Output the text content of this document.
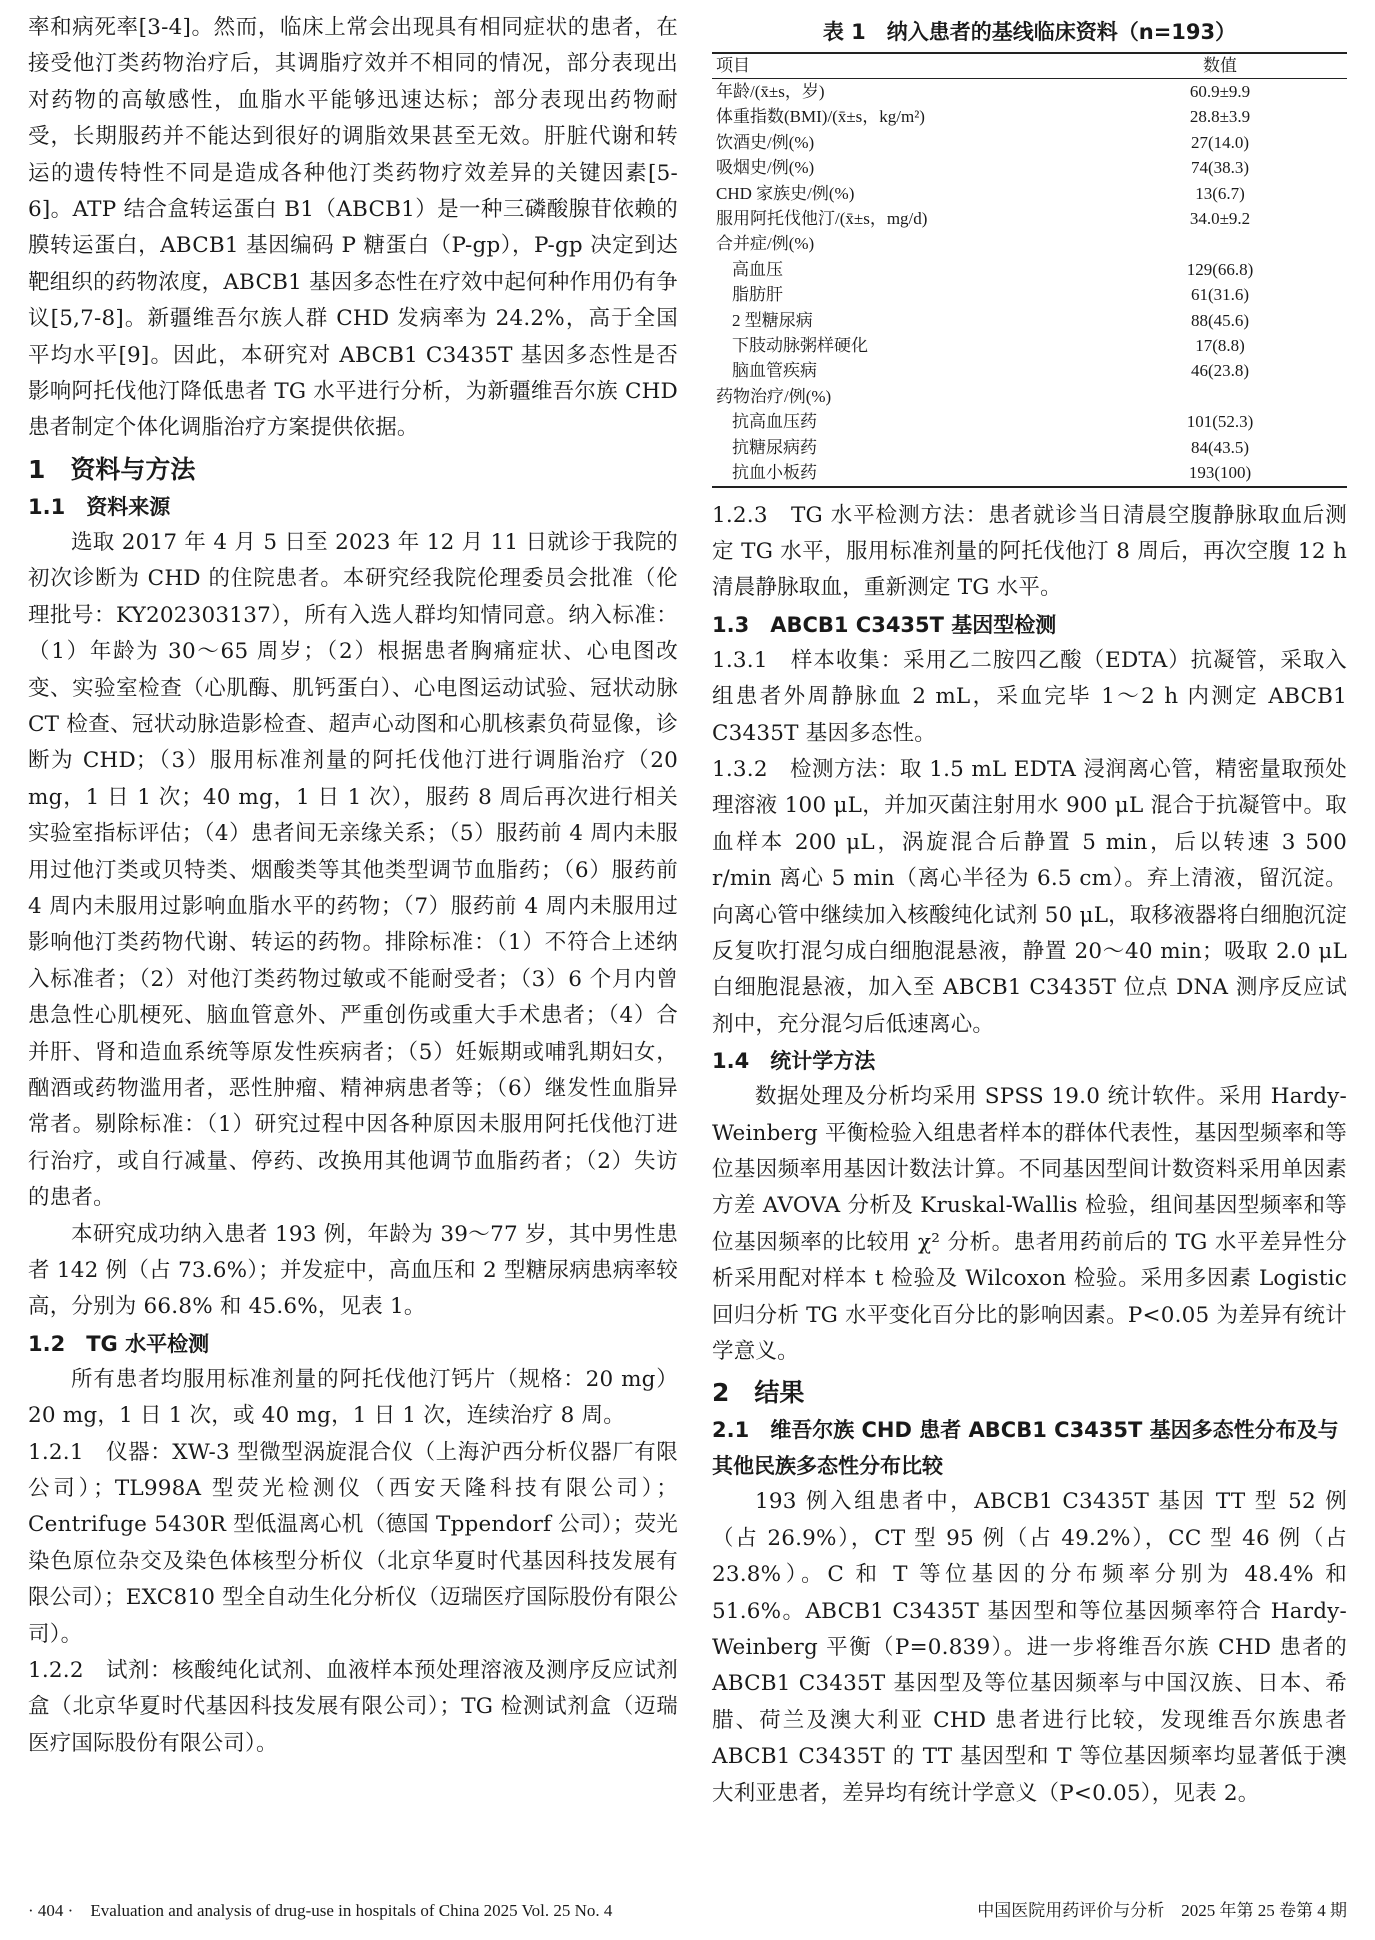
率和病死率[3-4]。然而，临床上常会出现具有相同症状的患者，在接受他汀类药物治疗后，其调脂疗效并不相同的情况，部分表现出对药物的高敏感性，血脂水平能够迅速达标；部分表现出药物耐受，长期服药并不能达到很好的调脂效果甚至无效。肝脏代谢和转运的遗传特性不同是造成各种他汀类药物疗效差异的关键因素[5-6]。ATP 结合盒转运蛋白 B1（ABCB1）是一种三磷酸腺苷依赖的膜转运蛋白，ABCB1 基因编码 P 糖蛋白（P-gp），P-gp 决定到达靶组织的药物浓度，ABCB1 基因多态性在疗效中起何种作用仍有争议[5,7-8]。新疆维吾尔族人群 CHD 发病率为 24.2%，高于全国平均水平[9]。因此，本研究对 ABCB1 C3435T 基因多态性是否影响阿托伐他汀降低患者 TG 水平进行分析，为新疆维吾尔族 CHD 患者制定个体化调脂治疗方案提供依据。

1　资料与方法
1.1　资料来源

选取 2017 年 4 月 5 日至 2023 年 12 月 11 日就诊于我院的初次诊断为 CHD 的住院患者。本研究经我院伦理委员会批准（伦理批号：KY202303137），所有入选人群均知情同意。纳入标准：（1）年龄为 30～65 周岁；（2）根据患者胸痛症状、心电图改变、实验室检查（心肌酶、肌钙蛋白）、心电图运动试验、冠状动脉 CT 检查、冠状动脉造影检查、超声心动图和心肌核素负荷显像，诊断为 CHD；（3）服用标准剂量的阿托伐他汀进行调脂治疗（20 mg，1 日 1 次；40 mg，1 日 1 次），服药 8 周后再次进行相关实验室指标评估；（4）患者间无亲缘关系；（5）服药前 4 周内未服用过他汀类或贝特类、烟酸类等其他类型调节血脂药；（6）服药前 4 周内未服用过影响血脂水平的药物；（7）服药前 4 周内未服用过影响他汀类药物代谢、转运的药物。排除标准：（1）不符合上述纳入标准者；（2）对他汀类药物过敏或不能耐受者；（3）6 个月内曾患急性心肌梗死、脑血管意外、严重创伤或重大手术患者；（4）合并肝、肾和造血系统等原发性疾病者；（5）妊娠期或哺乳期妇女，酗酒或药物滥用者，恶性肿瘤、精神病患者等；（6）继发性血脂异常者。剔除标准：（1）研究过程中因各种原因未服用阿托伐他汀进行治疗，或自行减量、停药、改换用其他调节血脂药者；（2）失访的患者。

本研究成功纳入患者 193 例，年龄为 39～77 岁，其中男性患者 142 例（占 73.6%）；并发症中，高血压和 2 型糖尿病患病率较高，分别为 66.8% 和 45.6%，见表 1。

1.2　TG 水平检测

所有患者均服用标准剂量的阿托伐他汀钙片（规格：20 mg）20 mg，1 日 1 次，或 40 mg，1 日 1 次，连续治疗 8 周。

1.2.1　仪器：XW-3 型微型涡旋混合仪（上海沪西分析仪器厂有限公司）；TL998A 型荧光检测仪（西安天隆科技有限公司）；Centrifuge 5430R 型低温离心机（德国 Tppendorf 公司）；荧光染色原位杂交及染色体核型分析仪（北京华夏时代基因科技发展有限公司）；EXC810 型全自动生化分析仪（迈瑞医疗国际股份有限公司）。

1.2.2　试剂：核酸纯化试剂、血液样本预处理溶液及测序反应试剂盒（北京华夏时代基因科技发展有限公司）；TG 检测试剂盒（迈瑞医疗国际股份有限公司）。

表 1　纳入患者的基线临床资料（n=193）
项目	数值
年龄/(x̄±s，岁)	60.9±9.9
体重指数(BMI)/(x̄±s，kg/m²)	28.8±3.9
饮酒史/例(%)	27(14.0)
吸烟史/例(%)	74(38.3)
CHD 家族史/例(%)	13(6.7)
服用阿托伐他汀/(x̄±s，mg/d)	34.0±9.2
合并症/例(%)	
高血压	129(66.8)
脂肪肝	61(31.6)
2 型糖尿病	88(45.6)
下肢动脉粥样硬化	17(8.8)
脑血管疾病	46(23.8)
药物治疗/例(%)	
抗高血压药	101(52.3)
抗糖尿病药	84(43.5)
抗血小板药	193(100)

1.2.3　TG 水平检测方法：患者就诊当日清晨空腹静脉取血后测定 TG 水平，服用标准剂量的阿托伐他汀 8 周后，再次空腹 12 h 清晨静脉取血，重新测定 TG 水平。

1.3　ABCB1 C3435T 基因型检测

1.3.1　样本收集：采用乙二胺四乙酸（EDTA）抗凝管，采取入组患者外周静脉血 2 mL，采血完毕 1～2 h 内测定 ABCB1 C3435T 基因多态性。

1.3.2　检测方法：取 1.5 mL EDTA 浸润离心管，精密量取预处理溶液 100 μL，并加灭菌注射用水 900 μL 混合于抗凝管中。取血样本 200 μL，涡旋混合后静置 5 min，后以转速 3 500 r/min 离心 5 min（离心半径为 6.5 cm）。弃上清液，留沉淀。向离心管中继续加入核酸纯化试剂 50 μL，取移液器将白细胞沉淀反复吹打混匀成白细胞混悬液，静置 20～40 min；吸取 2.0 μL 白细胞混悬液，加入至 ABCB1 C3435T 位点 DNA 测序反应试剂中，充分混匀后低速离心。

1.4　统计学方法

数据处理及分析均采用 SPSS 19.0 统计软件。采用 Hardy-Weinberg 平衡检验入组患者样本的群体代表性，基因型频率和等位基因频率用基因计数法计算。不同基因型间计数资料采用单因素方差 AVOVA 分析及 Kruskal-Wallis 检验，组间基因型频率和等位基因频率的比较用 χ² 分析。患者用药前后的 TG 水平差异性分析采用配对样本 t 检验及 Wilcoxon 检验。采用多因素 Logistic 回归分析 TG 水平变化百分比的影响因素。P<0.05 为差异有统计学意义。

2　结果
2.1　维吾尔族 CHD 患者 ABCB1 C3435T 基因多态性分布及与其他民族多态性分布比较

193 例入组患者中，ABCB1 C3435T 基因 TT 型 52 例（占 26.9%），CT 型 95 例（占 49.2%），CC 型 46 例（占 23.8%）。C 和 T 等位基因的分布频率分别为 48.4% 和 51.6%。ABCB1 C3435T 基因型和等位基因频率符合 Hardy-Weinberg 平衡（P=0.839）。进一步将维吾尔族 CHD 患者的 ABCB1 C3435T 基因型及等位基因频率与中国汉族、日本、希腊、荷兰及澳大利亚 CHD 患者进行比较，发现维吾尔族患者 ABCB1 C3435T 的 TT 基因型和 T 等位基因频率均显著低于澳大利亚患者，差异均有统计学意义（P<0.05），见表 2。

· 404 ·　Evaluation and analysis of drug-use in hospitals of China 2025 Vol. 25 No. 4	中国医院用药评价与分析　2025 年第 25 卷第 4 期
